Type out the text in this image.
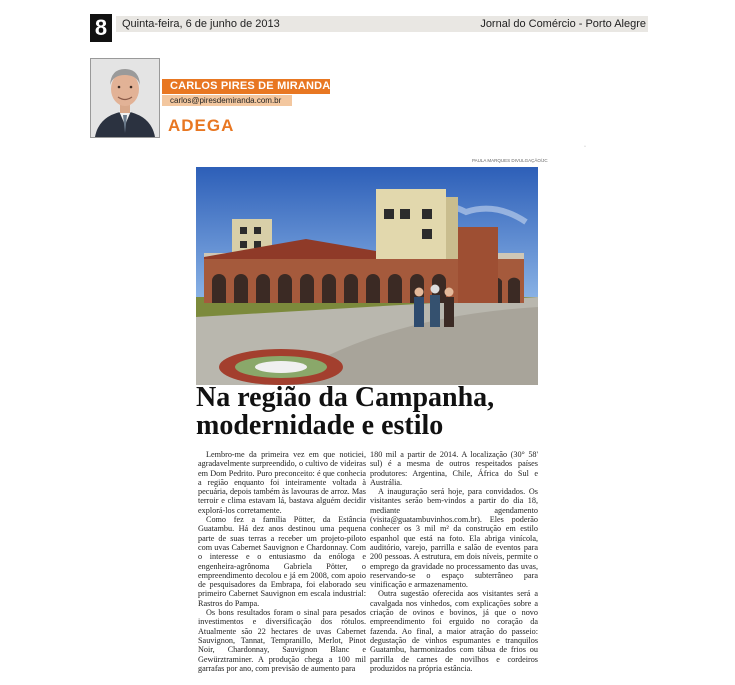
8	Quinta-feira, 6 de junho de 2013	Jornal do Comércio - Porto Alegre
CARLOS PIRES DE MIRANDA
carlos@piresdemiranda.com.br
ADEGA
·
PAULA MARQUES DIVULGAÇÃO/JC
Na região da Campanha, modernidade e estilo

Lembro-me da primeira vez em que noticiei, agradavelmente surpreendido, o cultivo de videiras em Dom Pedrito. Puro preconceito: é que conhecia a região enquanto foi inteiramente voltada à pecuária, depois também às lavouras de arroz. Mas terroir e clima estavam lá, bastava alguém decidir explorá-los corretamente.

Como fez a família Pötter, da Estância Guatambu. Há dez anos destinou uma pequena parte de suas terras a receber um projeto-piloto com uvas Cabernet Sauvignon e Chardonnay. Com o interesse e o entusiasmo da enóloga e engenheira-agrônoma Gabriela Pötter, o empreendimento decolou e já em 2008, com apoio de pesquisadores da Embrapa, foi elaborado seu primeiro Cabernet Sauvignon em escala industrial: Rastros do Pampa.

Os bons resultados foram o sinal para pesados investimentos e diversificação dos rótulos. Atualmente são 22 hectares de uvas Cabernet Sauvignon, Tannat, Tempranillo, Merlot, Pinot Noir, Chardonnay, Sauvignon Blanc e Gewürztraminer. A produção chega a 100 mil garrafas por ano, com previsão de aumento para

180 mil a partir de 2014. A localização (30° 58' sul) é a mesma de outros respeitados países produtores: Argentina, Chile, África do Sul e Austrália.

A inauguração será hoje, para convidados. Os visitantes serão bem-vindos a partir do dia 18, mediante agendamento (visita@guatambuvinhos.com.br). Eles poderão conhecer os 3 mil m² da construção em estilo espanhol que está na foto. Ela abriga vinícola, auditório, varejo, parrilla e salão de eventos para 200 pessoas. A estrutura, em dois níveis, permite o emprego da gravidade no processamento das uvas, reservando-se o espaço subterrâneo para vinificação e armazenamento.

Outra sugestão oferecida aos visitantes será a cavalgada nos vinhedos, com explicações sobre a criação de ovinos e bovinos, já que o novo empreendimento foi erguido no coração da fazenda. Ao final, a maior atração do passeio: degustação de vinhos espumantes e tranquilos Guatambu, harmonizados com tábua de frios ou parrilla de carnes de novilhos e cordeiros produzidos na própria estância.
